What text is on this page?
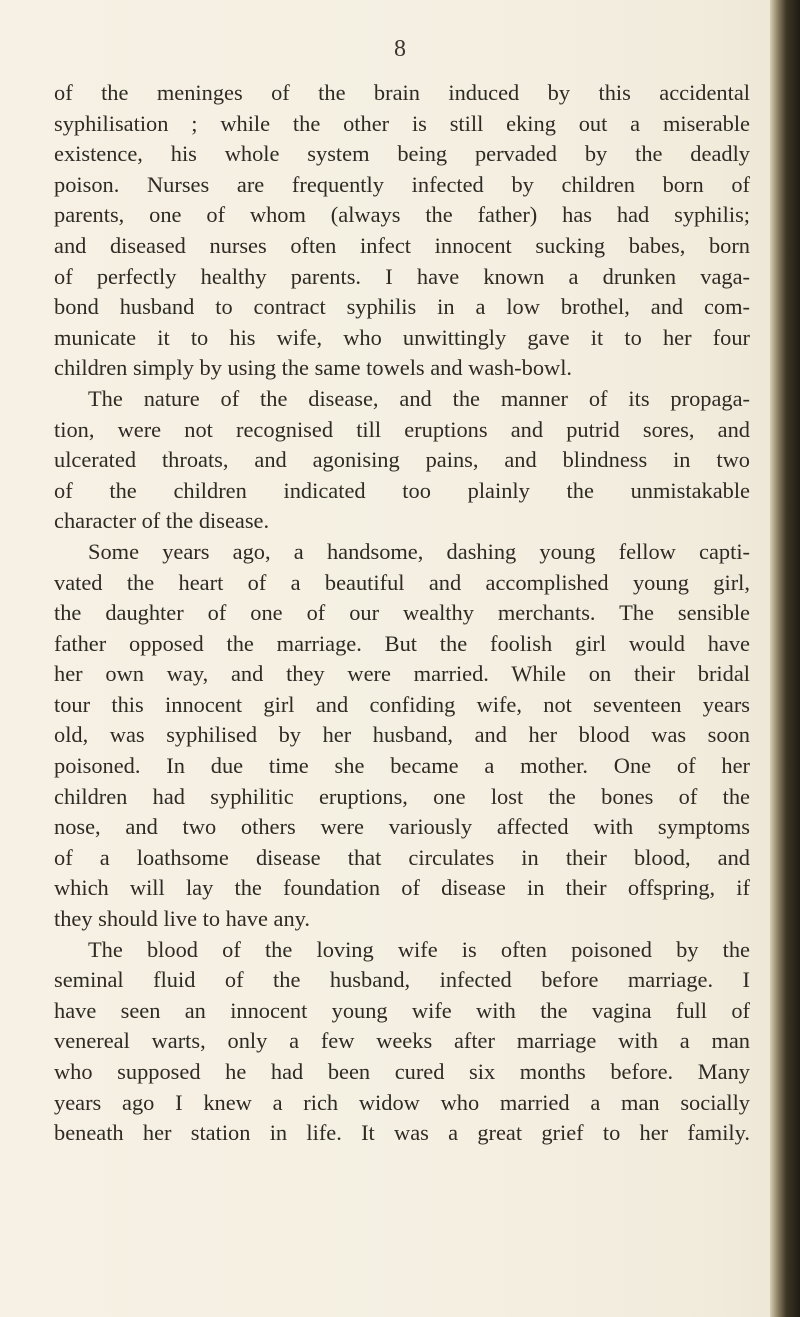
8
of the meninges of the brain induced by this accidental
syphilisation ; while the other is still eking out a miserable
existence, his whole system being pervaded by the deadly
poison. Nurses are frequently infected by children born of
parents, one of whom (always the father) has had syphilis;
and diseased nurses often infect innocent sucking babes, born
of perfectly healthy parents. I have known a drunken vaga-
bond husband to contract syphilis in a low brothel, and com-
municate it to his wife, who unwittingly gave it to her four
children simply by using the same towels and wash-bowl.
The nature of the disease, and the manner of its propaga-
tion, were not recognised till eruptions and putrid sores, and
ulcerated throats, and agonising pains, and blindness in two
of the children indicated too plainly the unmistakable
character of the disease.
Some years ago, a handsome, dashing young fellow capti-
vated the heart of a beautiful and accomplished young girl,
the daughter of one of our wealthy merchants. The sensible
father opposed the marriage. But the foolish girl would have
her own way, and they were married. While on their bridal
tour this innocent girl and confiding wife, not seventeen years
old, was syphilised by her husband, and her blood was soon
poisoned. In due time she became a mother. One of her
children had syphilitic eruptions, one lost the bones of the
nose, and two others were variously affected with symptoms
of a loathsome disease that circulates in their blood, and
which will lay the foundation of disease in their offspring, if
they should live to have any.
The blood of the loving wife is often poisoned by the
seminal fluid of the husband, infected before marriage. I
have seen an innocent young wife with the vagina full of
venereal warts, only a few weeks after marriage with a man
who supposed he had been cured six months before. Many
years ago I knew a rich widow who married a man socially
beneath her station in life. It was a great grief to her family.
